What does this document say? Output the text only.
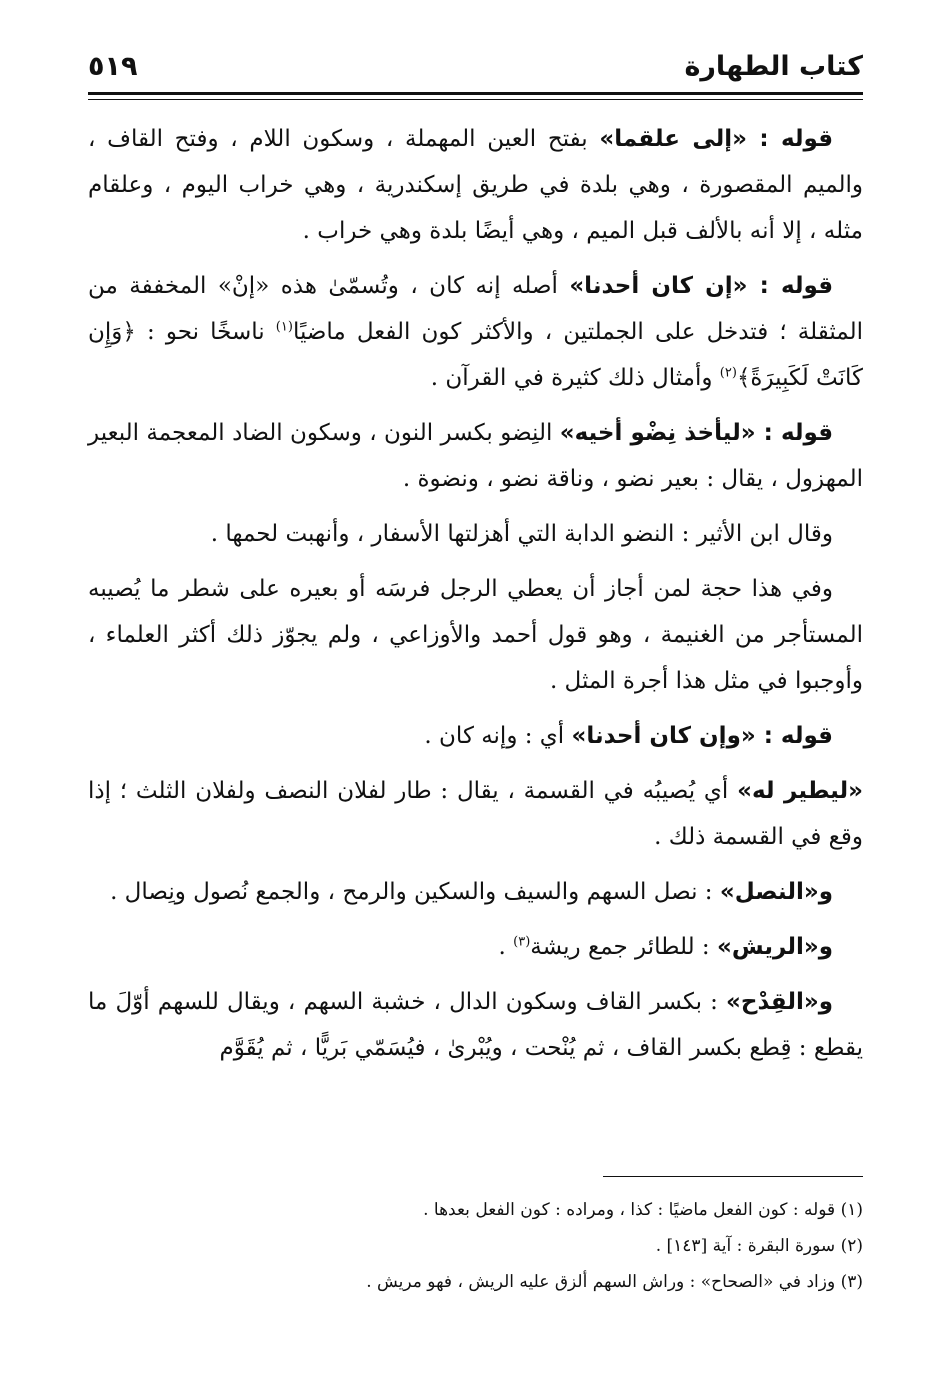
كتاب الطهارة
٥١٩

قوله : «إلى علقما» بفتح العين المهملة ، وسكون اللام ، وفتح القاف ، والميم المقصورة ، وهي بلدة في طريق إسكندرية ، وهي خراب اليوم ، وعلقام مثله ، إلا أنه بالألف قبل الميم ، وهي أيضًا بلدة وهي خراب .

قوله : «إن كان أحدنا» أصله إنه كان ، وتُسمّىٰ هذه «إنْ» المخففة من المثقلة ؛ فتدخل على الجملتين ، والأكثر كون الفعل ماضيًا$^{(١)}$ ناسخًا نحو : ﴿وَإِن كَانَتْ لَكَبِيرَةً﴾$^{(٢)}$ وأمثال ذلك كثيرة في القرآن .

قوله : «ليأخذ نِضْو أخيه» النِضو بكسر النون ، وسكون الضاد المعجمة البعير المهزول ، يقال : بعير نضو ، وناقة نضو ، ونضوة .

وقال ابن الأثير : النضو الدابة التي أهزلتها الأسفار ، وأنهبت لحمها .

وفي هذا حجة لمن أجاز أن يعطي الرجل فرسَه أو بعيره على شطر ما يُصيبه المستأجر من الغنيمة ، وهو قول أحمد والأوزاعي ، ولم يجوّز ذلك أكثر العلماء ، وأوجبوا في مثل هذا أجرة المثل .

قوله : «وإن كان أحدنا» أي : وإنه كان .

«ليطير له» أي يُصيبُه في القسمة ، يقال : طار لفلان النصف ولفلان الثلث ؛ إذا وقع في القسمة ذلك .

و«النصل» : نصل السهم والسيف والسكين والرمح ، والجمع نُصول ونِصال .

و«الريش» : للطائر جمع ريشة$^{(٣)}$ .

و«القِدْح» : بكسر القاف وسكون الدال ، خشبة السهم ، ويقال للسهم أوّلَ ما يقطع : قِطع بكسر القاف ، ثم يُنْحت ، ويُبْرىٰ ، فيُسَمّي بَريًّا ، ثم يُقَوَّم

(١) قوله : كون الفعل ماضيًا : كذا ، ومراده : كون الفعل بعدها .
(٢) سورة البقرة : آية [١٤٣] .
(٣) وزاد في «الصحاح» : وراش السهم ألزق عليه الريش ، فهو مريش .
